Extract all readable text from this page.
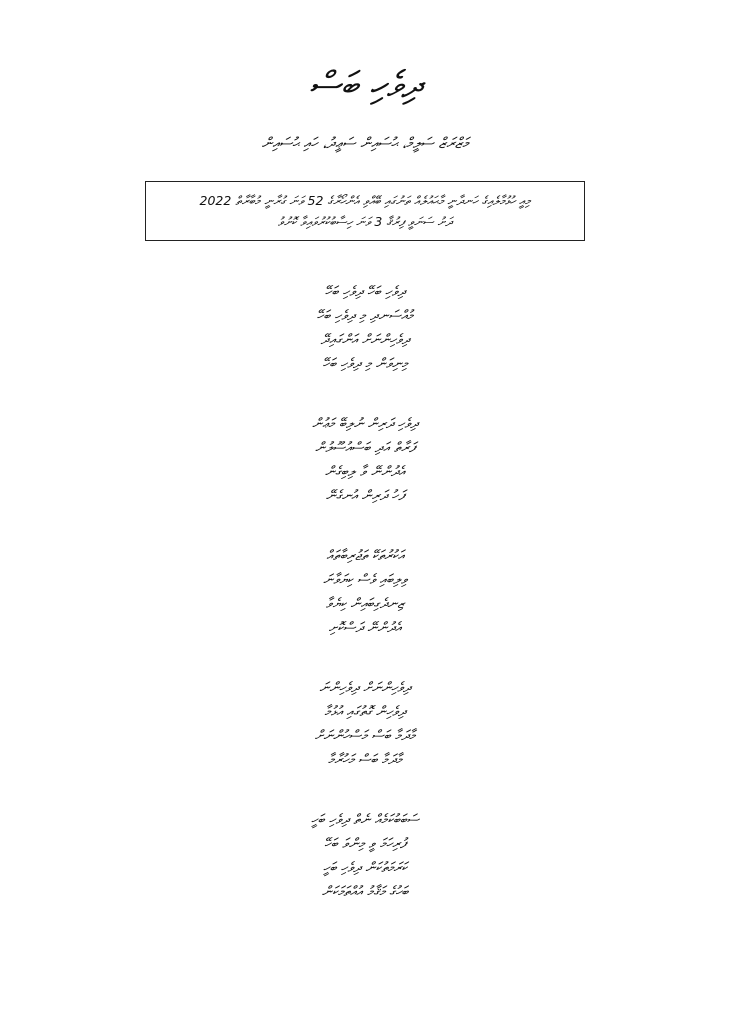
ދިވެހި ބަސް
މަޒްރަޒް ސަލީމް، ޙުސައިން ސަޢީދު، ހައި ޙުސައިން
މިއީ ހުޅުމާލެއިގެ ހަނދާނީ މާޙައުލެއް ތަނުގައި ބޭއްވި އެންހޯރާގެ 52 ވަނަ ގުރާނީ މުބާރާތް 2022
ދަށު ސަނަވީ ފިރުޤާ 3 ވަނަ ހިސާބުކުރުވައިވާ ކޮށުވު
ދިވެހި ބަހޭ ދިވެހި ބަހޭ
މުއްސަނދި މި ދިވެހި ބަހޭ
ދިވެހިންނަށް އަންގައިދޭ
މިނިވަން މި ދިވެހި ބަހޭ
ދިވެހި ދަރިން ނުލިބޭ މަޢުން
ފަރާތް އަދި ބަސްއުސޫލުން
އެދުންނޭ ވާ ލިބިގެން
ފަހު ދަރިން އުނގެނޭ
އަކުރުތަކޭ ތަޖުރިބާތައް
ވިލިބައި ވެސް ކިޔަވާނަ
ޒިނދެގިބައިން ކިޔެވާ
އެދުންނޭ ދަސްކޮށި
ދިވެހިންނަށް ދިވެހިންނަ
ދިވެހިން ގޮތުގައި އުޅުމާ
މާދަމާ ބަސް މަސްހުންނަށް
މާދަމާ ބަސް މަހުރާމާ
ސަބަބުކަމެއް ނެތް ދިވެހި ބަހީ
ފުރިހަމަ ވީ މިންވަ ބަހޭ
ކަރަމަތުކަން ދިވެހި ބަހީ
ބަހުގެ މަޤާމު އުއްތަމަކަން
